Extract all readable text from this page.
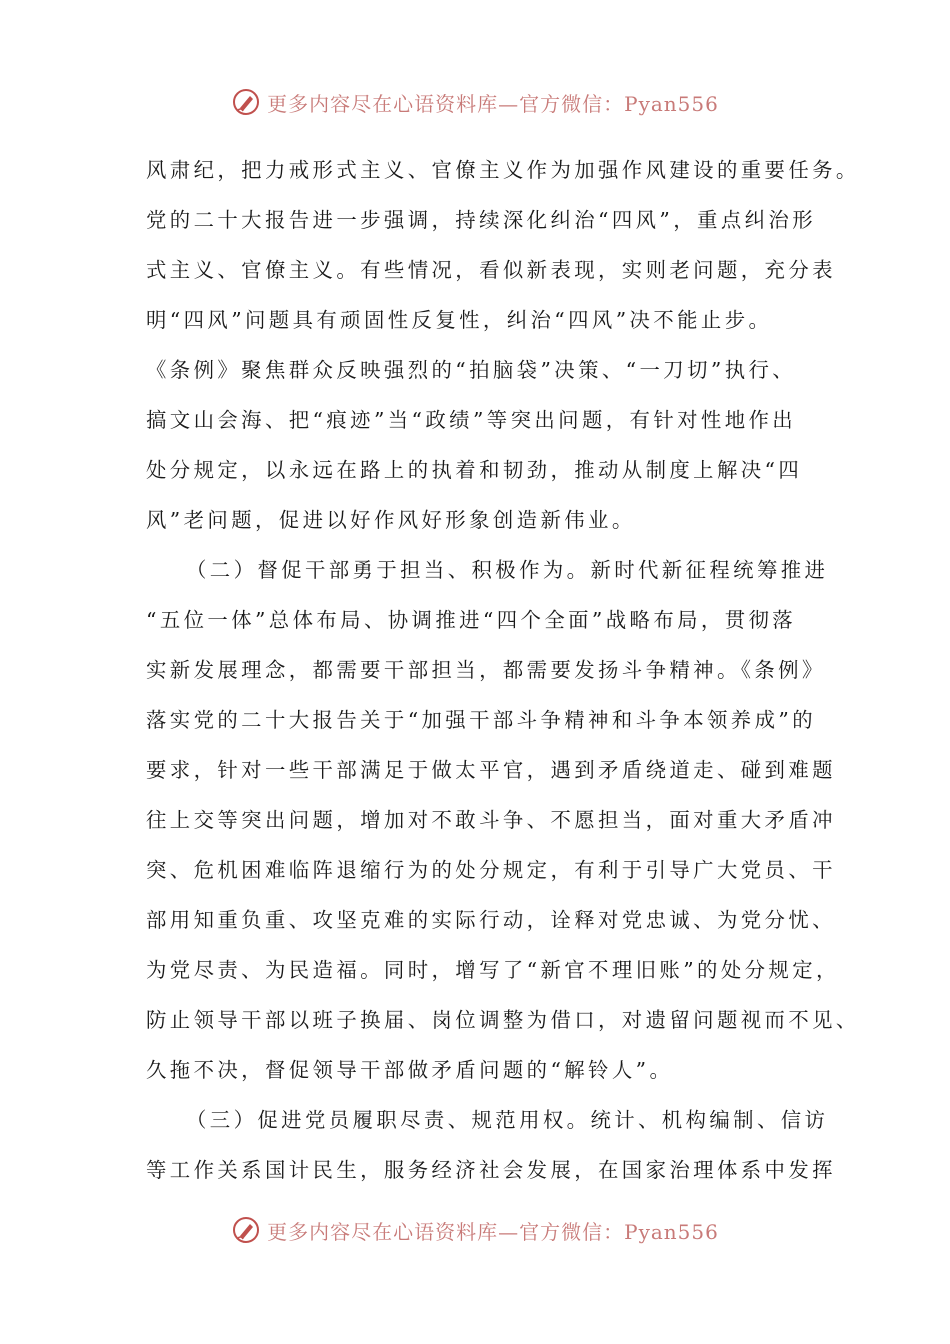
更多内容尽在心语资料库—官方微信：Pyan556
风肃纪，把力戒形式主义、官僚主义作为加强作风建设的重要任务。
党的二十大报告进一步强调，持续深化纠治“四风”，重点纠治形
式主义、官僚主义。有些情况，看似新表现，实则老问题，充分表
明“四风”问题具有顽固性反复性，纠治“四风”决不能止步。
《条例》聚焦群众反映强烈的“拍脑袋”决策、“一刀切”执行、
搞文山会海、把“痕迹”当“政绩”等突出问题，有针对性地作出
处分规定，以永远在路上的执着和韧劲，推动从制度上解决“四
风”老问题，促进以好作风好形象创造新伟业。
（二）督促干部勇于担当、积极作为。新时代新征程统筹推进
“五位一体”总体布局、协调推进“四个全面”战略布局，贯彻落
实新发展理念，都需要干部担当，都需要发扬斗争精神。《条例》
落实党的二十大报告关于“加强干部斗争精神和斗争本领养成”的
要求，针对一些干部满足于做太平官，遇到矛盾绕道走、碰到难题
往上交等突出问题，增加对不敢斗争、不愿担当，面对重大矛盾冲
突、危机困难临阵退缩行为的处分规定，有利于引导广大党员、干
部用知重负重、攻坚克难的实际行动，诠释对党忠诚、为党分忧、
为党尽责、为民造福。同时，增写了“新官不理旧账”的处分规定，
防止领导干部以班子换届、岗位调整为借口，对遗留问题视而不见、
久拖不决，督促领导干部做矛盾问题的“解铃人”。
（三）促进党员履职尽责、规范用权。统计、机构编制、信访
等工作关系国计民生，服务经济社会发展，在国家治理体系中发挥
更多内容尽在心语资料库—官方微信：Pyan556
